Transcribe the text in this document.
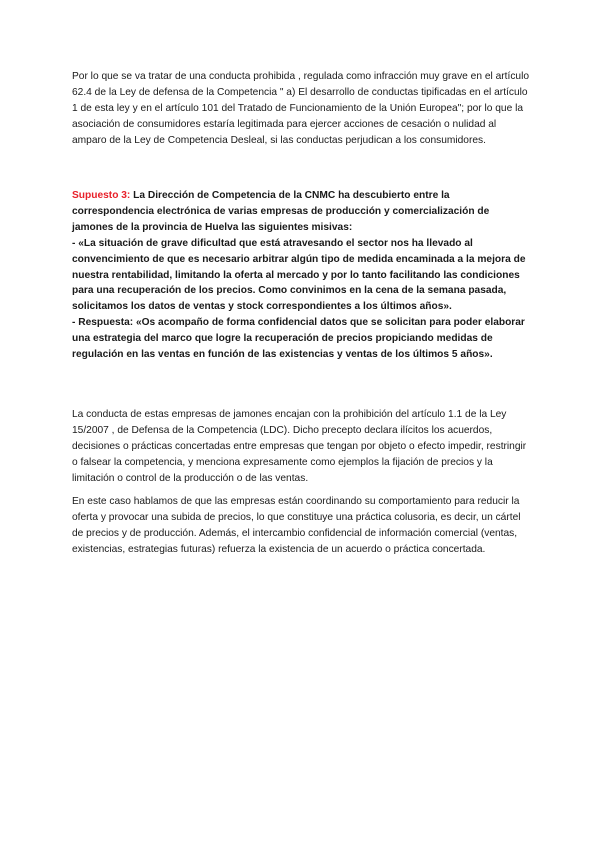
Por lo que se va tratar de una conducta prohibida , regulada como infracción muy grave en el artículo 62.4 de la Ley de defensa de la Competencia " a) El desarrollo de conductas tipificadas en el artículo 1 de esta ley y en el artículo 101 del Tratado de Funcionamiento de la Unión Europea"; por lo que la asociación de consumidores estaría legitimada para ejercer acciones de cesación o nulidad al amparo de la Ley de Competencia Desleal, si las conductas perjudican a los consumidores.

Supuesto 3: La Dirección de Competencia de la CNMC ha descubierto entre la correspondencia electrónica de varias empresas de producción y comercialización de jamones de la provincia de Huelva las siguientes misivas:
- «La situación de grave dificultad que está atravesando el sector nos ha llevado al convencimiento de que es necesario arbitrar algún tipo de medida encaminada a la mejora de nuestra rentabilidad, limitando la oferta al mercado y por lo tanto facilitando las condiciones para una recuperación de los precios. Como convinimos en la cena de la semana pasada, solicitamos los datos de ventas y stock correspondientes a los últimos años».
- Respuesta: «Os acompaño de forma confidencial datos que se solicitan para poder elaborar una estrategia del marco que logre la recuperación de precios propiciando medidas de regulación en las ventas en función de las existencias y ventas de los últimos 5 años».

La conducta de estas empresas de jamones encajan con la prohibición del artículo 1.1 de la Ley 15/2007 , de Defensa de la Competencia (LDC). Dicho precepto declara ilícitos los acuerdos, decisiones o prácticas concertadas entre empresas que tengan por objeto o efecto impedir, restringir o falsear la competencia, y menciona expresamente como ejemplos la fijación de precios y la limitación o control de la producción o de las ventas.

En este caso hablamos de que las empresas están coordinando su comportamiento para reducir la oferta y provocar una subida de precios, lo que constituye una práctica colusoria, es decir, un cártel de precios y de producción. Además, el intercambio confidencial de información comercial (ventas, existencias, estrategias futuras) refuerza la existencia de un acuerdo o práctica concertada.
